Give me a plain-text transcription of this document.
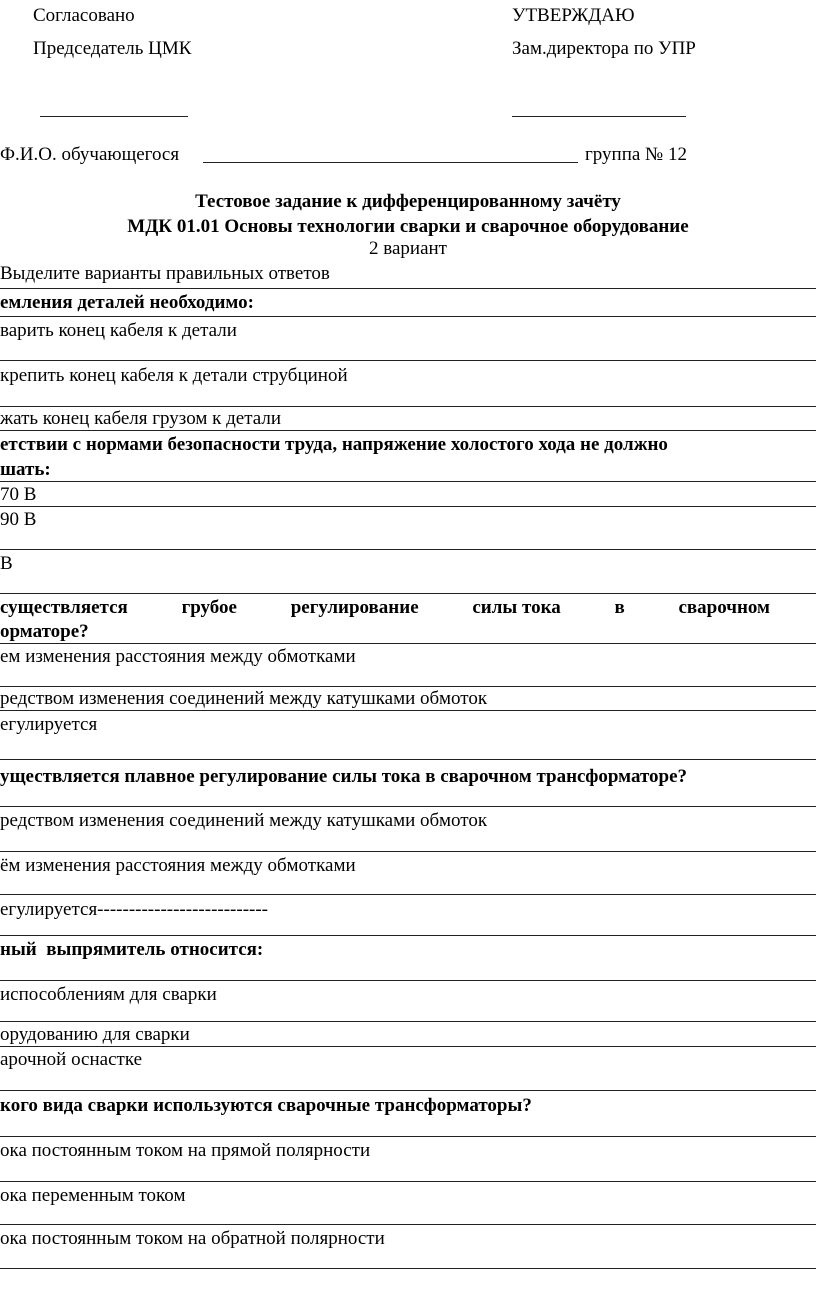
Согласовано
Председатель ЦМК
УТВЕРЖДАЮ
Зам.директора по УПР
Ф.И.О. обучающегося	группа № 12
Тестовое задание к дифференцированному зачёту
МДК 01.01 Основы технологии сварки и сварочное оборудование
2 вариант
Выделите варианты правильных ответов
емления деталей необходимо:
варить конец кабеля к детали
крепить конец кабеля к детали струбциной
жать конец кабеля грузом к детали
етствии с нормами безопасности труда, напряжение холостого хода не должно
шать:
70 В
90 В
В
существляется	грубое	регулирование	силы тока	в	сварочном
орматоре?
ем изменения расстояния между обмотками
редством изменения соединений между катушками обмоток
егулируется
уществляется плавное регулирование силы тока в сварочном трансформаторе?
редством изменения соединений между катушками обмоток
ём изменения расстояния между обмотками
егулируется---------------------------
ный  выпрямитель относится:
испособлениям для сварки
орудованию для сварки
арочной оснастке
кого вида сварки используются сварочные трансформаторы?
ока постоянным током на прямой полярности
ока переменным током
ока постоянным током на обратной полярности
